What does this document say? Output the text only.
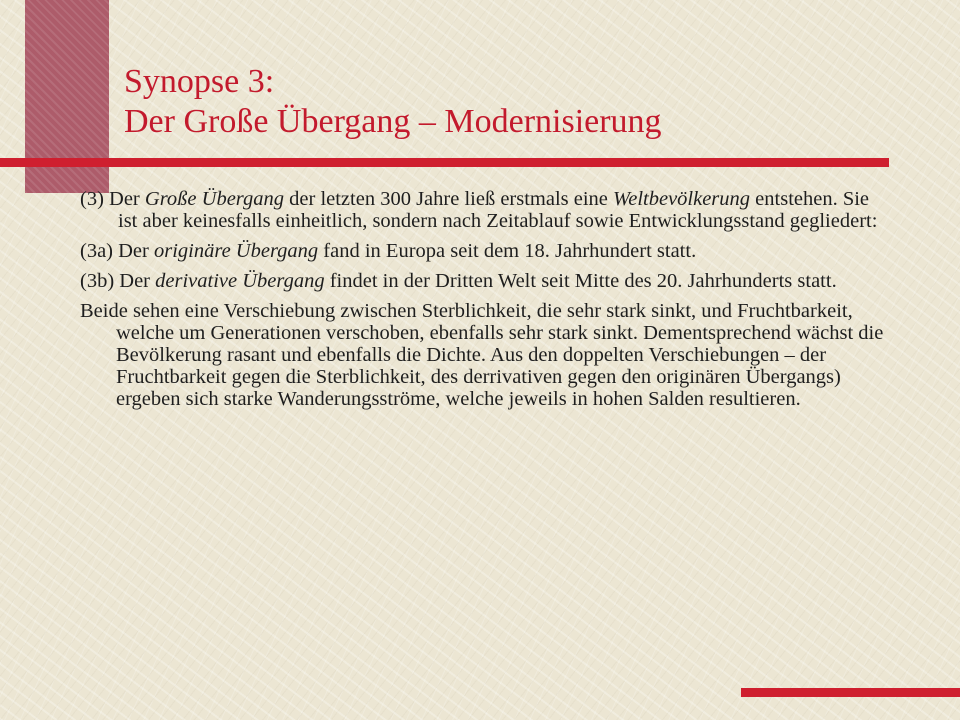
Synopse 3:
Der Große Übergang – Modernisierung

(3) Der Große Übergang der letzten 300 Jahre ließ erstmals eine Weltbevölkerung entstehen. Sie ist aber keinesfalls einheitlich, sondern nach Zeitablauf sowie Entwicklungsstand gegliedert:

(3a) Der originäre Übergang fand in Europa seit dem 18. Jahrhundert statt.

(3b) Der derivative Übergang findet in der Dritten Welt seit Mitte des 20. Jahrhunderts statt.

Beide sehen eine Verschiebung zwischen Sterblichkeit, die sehr stark sinkt, und Fruchtbarkeit, welche um Generationen verschoben, ebenfalls sehr stark sinkt. Dementsprechend wächst die Bevölkerung rasant und ebenfalls die Dichte. Aus den doppelten Verschiebungen – der Fruchtbarkeit gegen die Sterblichkeit, des derrivativen gegen den originären Übergangs) ergeben sich starke Wanderungsströme, welche jeweils in hohen Salden resultieren.
